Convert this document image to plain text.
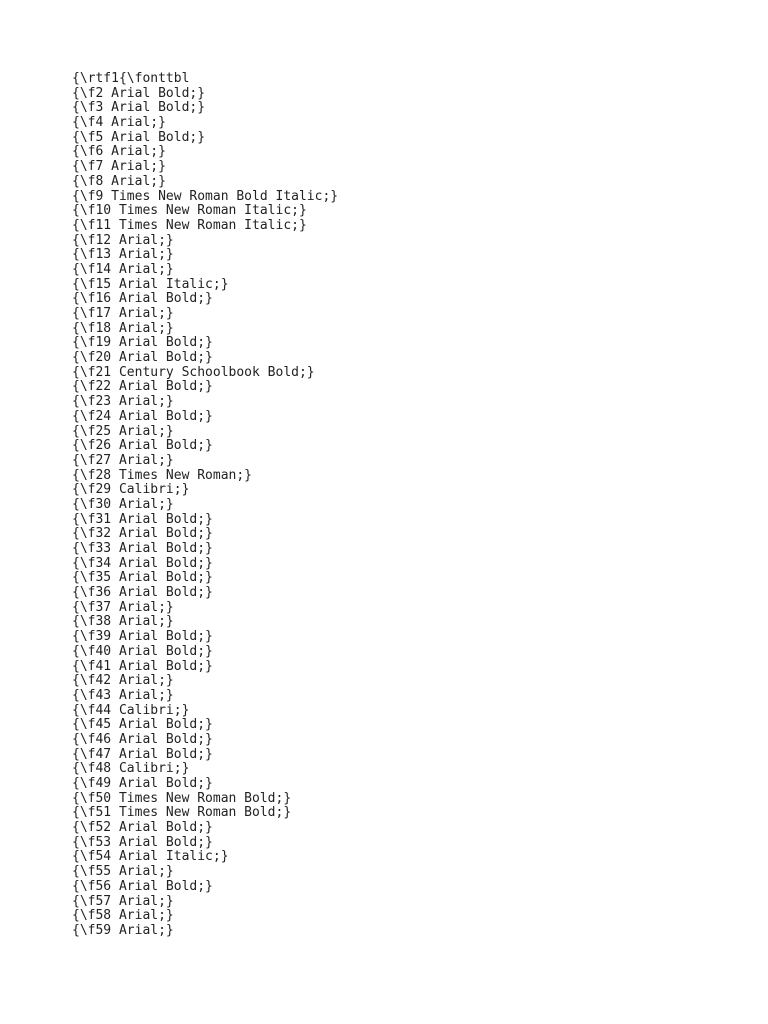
{\rtf1{\fonttbl
{\f2 Arial Bold;}
{\f3 Arial Bold;}
{\f4 Arial;}
{\f5 Arial Bold;}
{\f6 Arial;}
{\f7 Arial;}
{\f8 Arial;}
{\f9 Times New Roman Bold Italic;}
{\f10 Times New Roman Italic;}
{\f11 Times New Roman Italic;}
{\f12 Arial;}
{\f13 Arial;}
{\f14 Arial;}
{\f15 Arial Italic;}
{\f16 Arial Bold;}
{\f17 Arial;}
{\f18 Arial;}
{\f19 Arial Bold;}
{\f20 Arial Bold;}
{\f21 Century Schoolbook Bold;}
{\f22 Arial Bold;}
{\f23 Arial;}
{\f24 Arial Bold;}
{\f25 Arial;}
{\f26 Arial Bold;}
{\f27 Arial;}
{\f28 Times New Roman;}
{\f29 Calibri;}
{\f30 Arial;}
{\f31 Arial Bold;}
{\f32 Arial Bold;}
{\f33 Arial Bold;}
{\f34 Arial Bold;}
{\f35 Arial Bold;}
{\f36 Arial Bold;}
{\f37 Arial;}
{\f38 Arial;}
{\f39 Arial Bold;}
{\f40 Arial Bold;}
{\f41 Arial Bold;}
{\f42 Arial;}
{\f43 Arial;}
{\f44 Calibri;}
{\f45 Arial Bold;}
{\f46 Arial Bold;}
{\f47 Arial Bold;}
{\f48 Calibri;}
{\f49 Arial Bold;}
{\f50 Times New Roman Bold;}
{\f51 Times New Roman Bold;}
{\f52 Arial Bold;}
{\f53 Arial Bold;}
{\f54 Arial Italic;}
{\f55 Arial;}
{\f56 Arial Bold;}
{\f57 Arial;}
{\f58 Arial;}
{\f59 Arial;}
